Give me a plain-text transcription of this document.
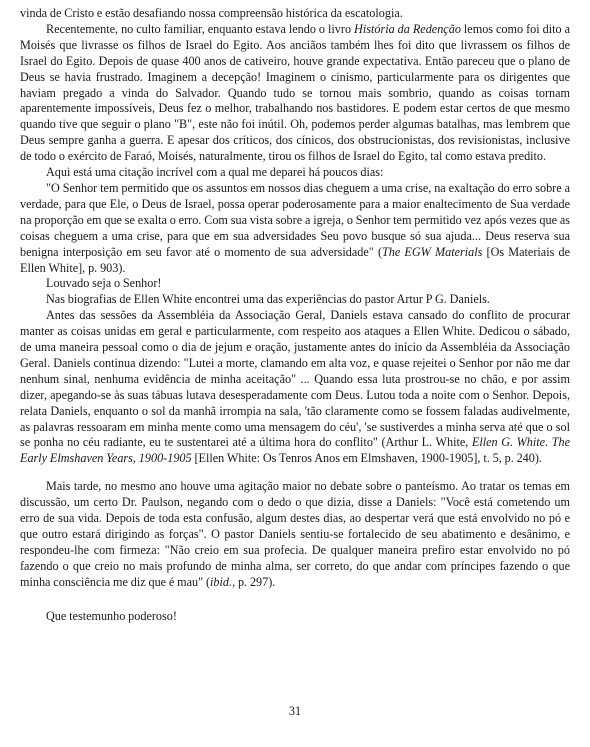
vinda de Cristo e estão desafiando nossa compreensão histórica da escatologia.

Recentemente, no culto familiar, enquanto estava lendo o livro História da Redenção lemos como foi dito a Moisés que livrasse os filhos de Israel do Egito. Aos anciãos também lhes foi dito que livrassem os filhos de Israel do Egito. Depois de quase 400 anos de cativeiro, houve grande expectativa. Então pareceu que o plano de Deus se havia frustrado. Imaginem a decepção! Imaginem o cinismo, particularmente para os dirigentes que haviam pregado a vinda do Salvador. Quando tudo se tornou mais sombrio, quando as coisas tornam aparentemente impossíveis, Deus fez o melhor, trabalhando nos bastidores. E podem estar certos de que mesmo quando tive que seguir o plano "B", este não foi inútil. Oh, podemos perder algumas batalhas, mas lembrem que Deus sempre ganha a guerra. E apesar dos críticos, dos cínicos, dos obstrucionistas, dos revisionistas, inclusive de todo o exército de Faraó, Moisés, naturalmente, tirou os filhos de Israel do Egito, tal como estava predito.

Aqui está uma citação incrível com a qual me deparei há poucos dias:

"O Senhor tem permitido que os assuntos em nossos dias cheguem a uma crise, na exaltação do erro sobre a verdade, para que Ele, o Deus de Israel, possa operar poderosamente para a maior enaltecimento de Sua verdade na proporção em que se exalta o erro. Com sua vista sobre a igreja, o Senhor tem permitido vez após vezes que as coisas cheguem a uma crise, para que em sua adversidades Seu povo busque só sua ajuda... Deus reserva sua benigna interposição em seu favor até o momento de sua adversidade" (The EGW Materials [Os Materiais de Ellen White], p. 903).

Louvado seja o Senhor!

Nas biografias de Ellen White encontrei uma das experiências do pastor Artur P G. Daniels.

Antes das sessões da Assembléia da Associação Geral, Daniels estava cansado do conflito de procurar manter as coisas unidas em geral e particularmente, com respeito aos ataques a Ellen White. Dedicou o sábado, de uma maneira pessoal como o dia de jejum e oração, justamente antes do início da Assembléia da Associação Geral. Daniels continua dizendo: "Lutei a morte, clamando em alta voz, e quase rejeitei o Senhor por não me dar nenhum sinal, nenhuma evidência de minha aceitação" ... Quando essa luta prostrou-se no chão, e por assim dizer, apegando-se às suas tábuas lutava desesperadamente com Deus. Lutou toda a noite com o Senhor. Depois, relata Daniels, enquanto o sol da manhã irrompia na sala, 'tão claramente como se fossem faladas audivelmente, as palavras ressoaram em minha mente como uma mensagem do céu', 'se sustiverdes a minha serva até que o sol se ponha no céu radiante, eu te sustentarei até a última hora do conflito" (Arthur L. White, Ellen G. White. The Early Elmshaven Years, 1900-1905 [Ellen White: Os Tenros Anos em Elmshaven, 1900-1905], t. 5, p. 240).

Mais tarde, no mesmo ano houve uma agitação maior no debate sobre o panteísmo. Ao tratar os temas em discussão, um certo Dr. Paulson, negando com o dedo o que dizia, disse a Daniels: "Você está cometendo um erro de sua vida. Depois de toda esta confusão, algum destes dias, ao despertar verá que está envolvido no pó e que outro estará dirigindo as forças". O pastor Daniels sentiu-se fortalecido de seu abatimento e desânimo, e respondeu-lhe com firmeza: "Não creio em sua profecia. De qualquer maneira prefiro estar envolvido no pó fazendo o que creio no mais profundo de minha alma, ser correto, do que andar com príncipes fazendo o que minha consciência me diz que é mau" (ibid., p. 297).

Que testemunho poderoso!

31
